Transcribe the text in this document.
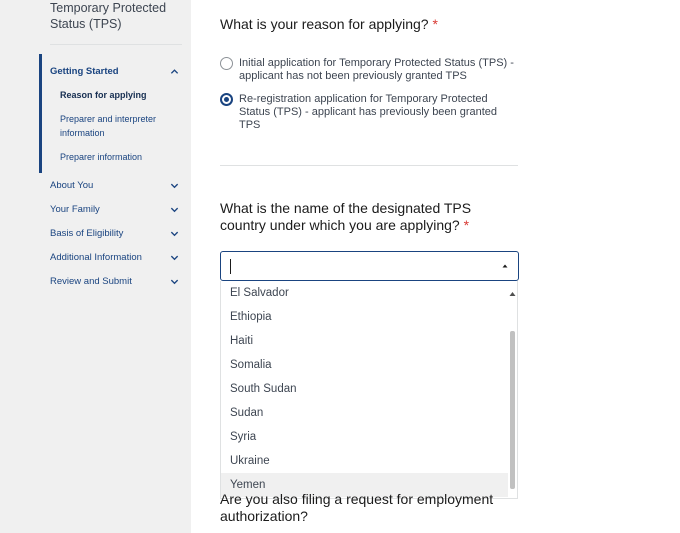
Temporary Protected Status (TPS)
Getting Started
Reason for applying
Preparer and interpreter information
Preparer information
About You
Your Family
Basis of Eligibility
Additional Information
Review and Submit
What is your reason for applying? *
Initial application for Temporary Protected Status (TPS) - applicant has not been previously granted TPS
Re-registration application for Temporary Protected Status (TPS) - applicant has previously been granted TPS
What is the name of the designated TPS country under which you are applying? *
El Salvador
Ethiopia
Haiti
Somalia
South Sudan
Sudan
Syria
Ukraine
Yemen
Are you also filing a request for employment authorization?
